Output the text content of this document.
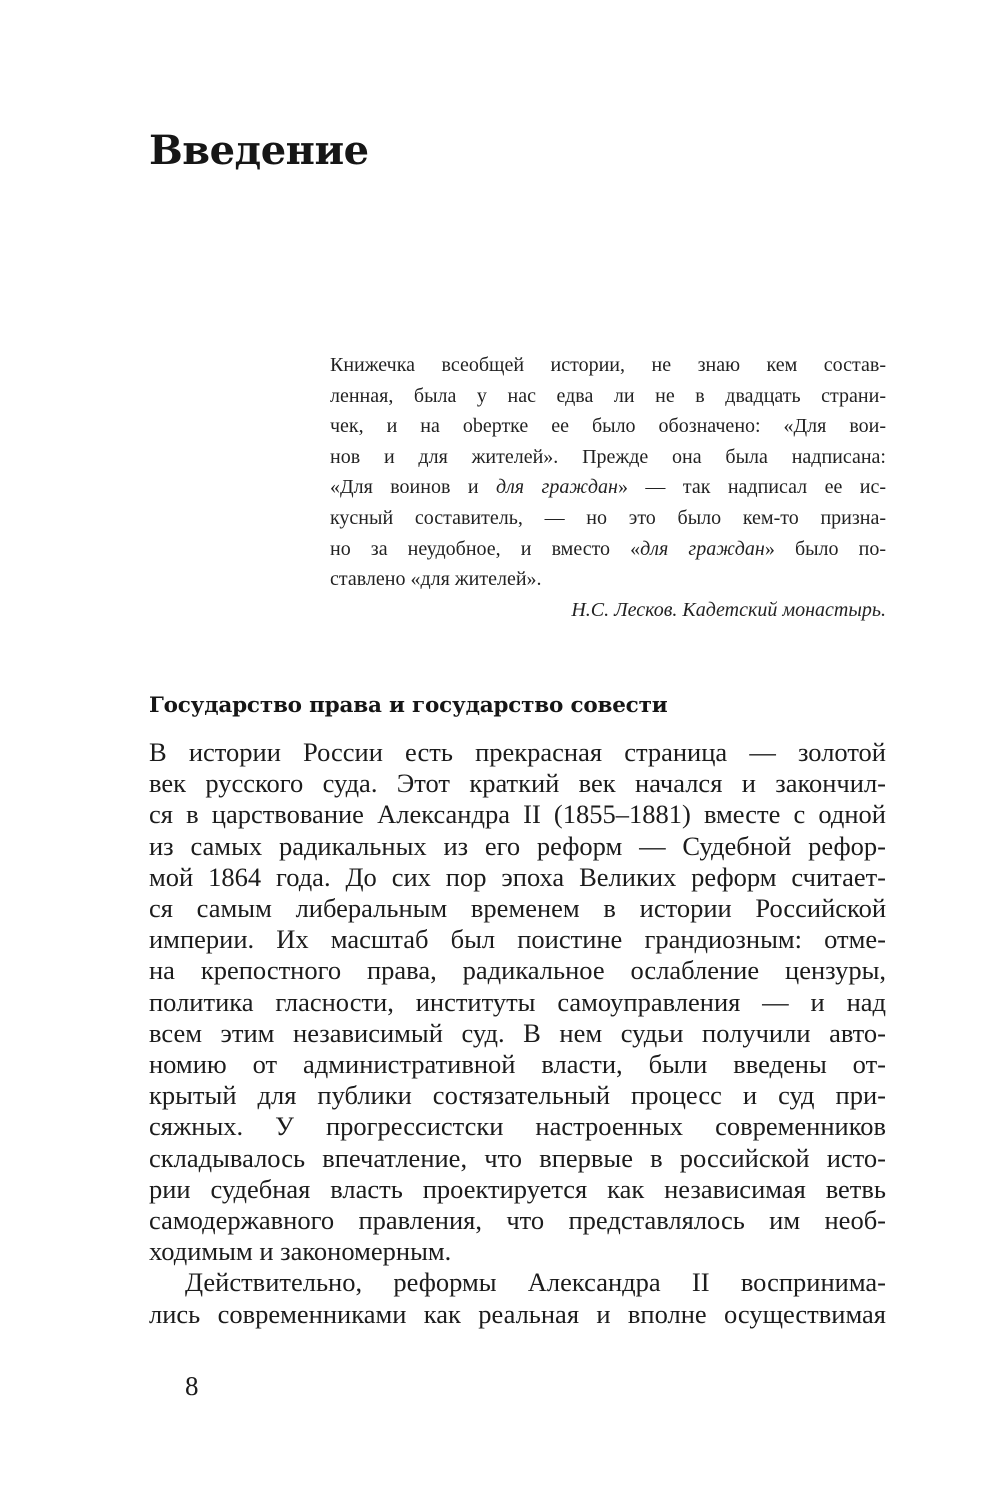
Введение
Книжечка всеобщей истории, не знаю кем состав-
ленная, была у нас едва ли не в двадцать страни-
чек, и на obeртке ее было обозначено: «Для вои-
нов и для жителей». Прежде она была надписана:
«Для воинов и для граждан» — так надписал ее ис-
кусный составитель, — но это было кем-то призна-
но за неудобное, и вместо «для граждан» было по-
ставлено «для жителей».
Н.С. Лесков. Кадетский монастырь.
Государство права и государство совести
В истории России есть прекрасная страница — золотой
век русского суда. Этот краткий век начался и закончил-
ся в царствование Александра II (1855–1881) вместе с одной
из самых радикальных из его реформ — Судебной рефор-
мой 1864 года. До сих пор эпоха Великих реформ считает-
ся самым либеральным временем в истории Российской
империи. Их масштаб был поистине грандиозным: отме-
на крепостного права, радикальное ослабление цензуры,
политика гласности, институты самоуправления — и над
всем этим независимый суд. В нем судьи получили авто-
номию от административной власти, были введены от-
крытый для публики состязательный процесс и суд при-
сяжных. У прогрессистски настроенных современников
складывалось впечатление, что впервые в российской исто-
рии судебная власть проектируется как независимая ветвь
самодержавного правления, что представлялось им необ-
ходимым и закономерным.
Действительно, реформы Александра II воспринима-
лись современниками как реальная и вполне осуществимая
8
